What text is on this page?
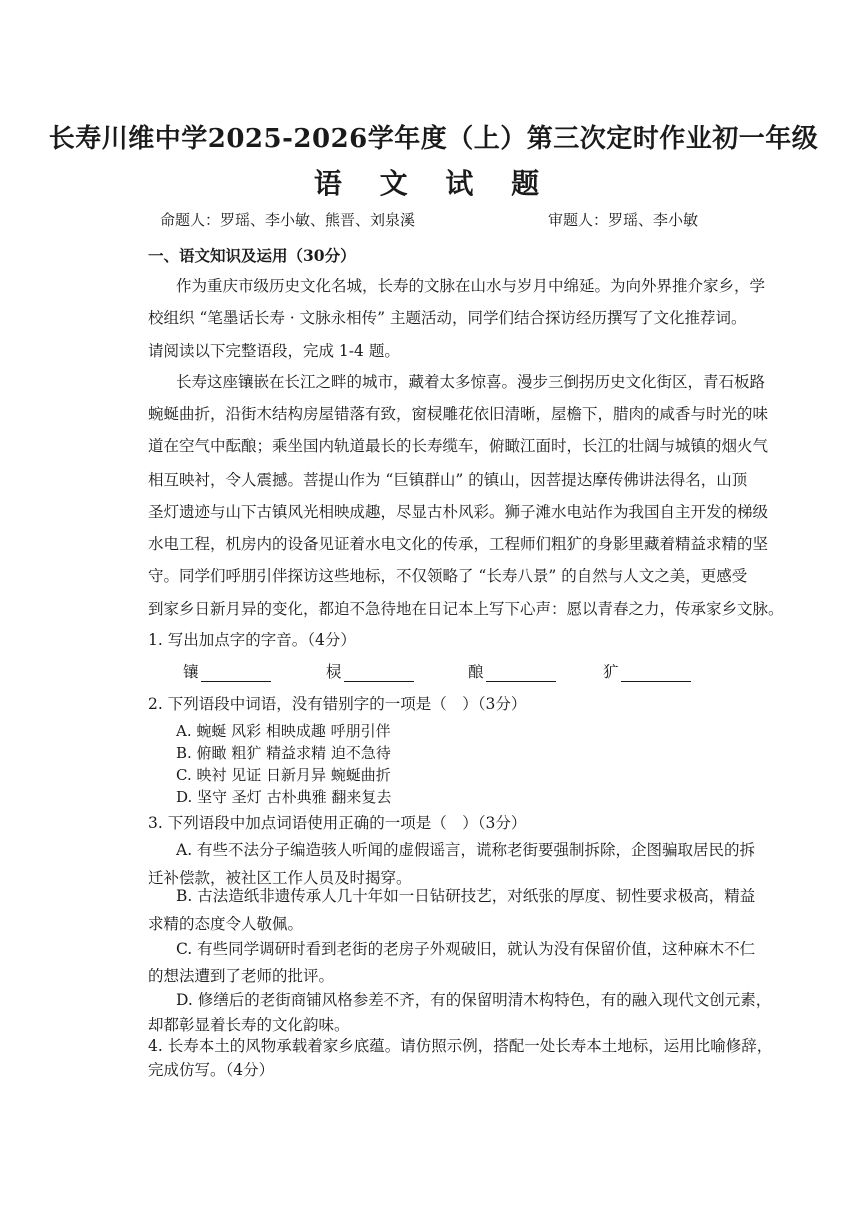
长寿川维中学2025-2026学年度（上）第三次定时作业初一年级
语 文 试 题
命题人：罗瑶、李小敏、熊晋、刘泉溪	审题人：罗瑶、李小敏
一、语文知识及运用（30分）
作为重庆市级历史文化名城，长寿的文脉在山水与岁月中绵延。为向外界推介家乡，学
校组织 “笔墨话长寿 · 文脉永相传” 主题活动，同学们结合探访经历撰写了文化推荐词。
请阅读以下完整语段，完成 1-4 题。
长寿这座镶嵌在长江之畔的城市，藏着太多惊喜。漫步三倒拐历史文化街区，青石板路
蜿蜒曲折，沿街木结构房屋错落有致，窗棂雕花依旧清晰，屋檐下，腊肉的咸香与时光的味
道在空气中酝酿；乘坐国内轨道最长的长寿缆车，俯瞰江面时，长江的壮阔与城镇的烟火气
相互映衬，令人震撼。菩提山作为 “巨镇群山” 的镇山，因菩提达摩传佛讲法得名，山顶
圣灯遗迹与山下古镇风光相映成趣，尽显古朴风彩。狮子滩水电站作为我国自主开发的梯级
水电工程，机房内的设备见证着水电文化的传承，工程师们粗犷的身影里藏着精益求精的坚
守。同学们呼朋引伴探访这些地标，不仅领略了 “长寿八景” 的自然与人文之美，更感受
到家乡日新月异的变化，都迫不急待地在日记本上写下心声：愿以青春之力，传承家乡文脉。
1. 写出加点字的字音。（4分）
镶	棂	酿	犷
2. 下列语段中词语，没有错别字的一项是（　）（3分）
A. 蜿蜒 风彩 相映成趣 呼朋引伴
B. 俯瞰 粗犷 精益求精 迫不急待
C. 映衬 见证 日新月异 蜿蜒曲折
D. 坚守 圣灯 古朴典雅 翻来复去
3. 下列语段中加点词语使用正确的一项是（　）（3分）
A. 有些不法分子编造骇人听闻的虚假谣言，谎称老街要强制拆除，企图骗取居民的拆
迁补偿款，被社区工作人员及时揭穿。
B. 古法造纸非遗传承人几十年如一日钻研技艺，对纸张的厚度、韧性要求极高，精益
求精的态度令人敬佩。
C. 有些同学调研时看到老街的老房子外观破旧，就认为没有保留价值，这种麻木不仁
的想法遭到了老师的批评。
D. 修缮后的老街商铺风格参差不齐，有的保留明清木构特色，有的融入现代文创元素，
却都彰显着长寿的文化韵味。
4. 长寿本土的风物承载着家乡底蕴。请仿照示例，搭配一处长寿本土地标，运用比喻修辞，
完成仿写。（4分）
